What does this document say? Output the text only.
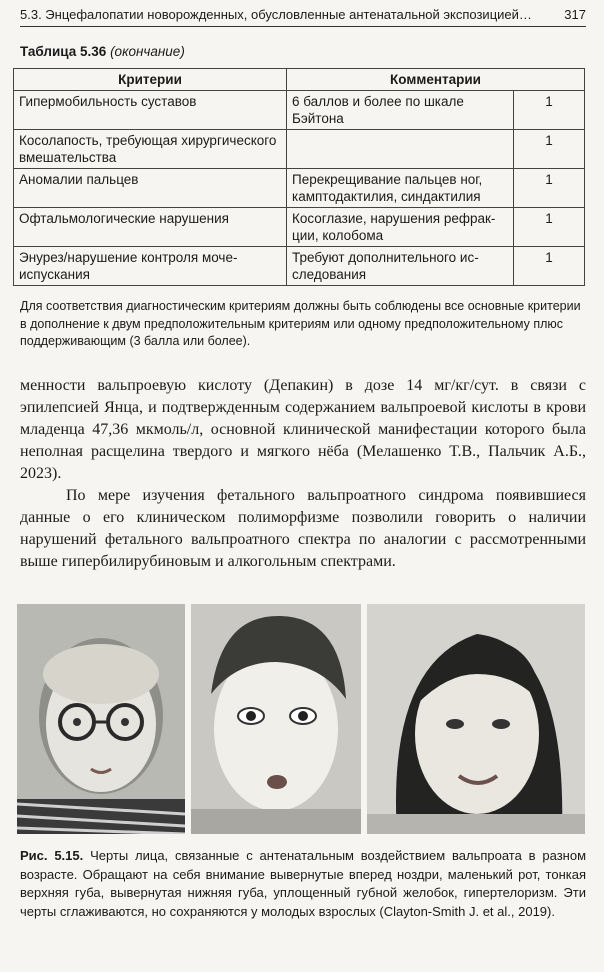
5.3. Энцефалопатии новорожденных, обусловленные антенатальной экспозицией… 317
Таблица 5.36 (окончание)
Критерии	Комментарии	
Гипермобильность суставов	6 баллов и более по шкале Бэйтона	1
Косолапость, требующая хирургического вмешательства		1
Аномалии пальцев	Перекрещивание пальцев ног, камптодактилия, синдактилия	1
Офтальмологические нарушения	Косоглазие, нарушения рефракции, колобома	1
Энурез/нарушение контроля мочеиспускания	Требуют дополнительного исследования	1
Для соответствия диагностическим критериям должны быть соблюдены все основные критерии в дополнение к двум предположительным критериям или одному предположительному плюс поддерживающим (3 балла или более).

менности вальпроевую кислоту (Депакин) в дозе 14 мг/кг/сут. в связи с эпилепсией Янца, и подтвержденным содержанием вальпроевой кислоты в крови младенца 47,36 мкмоль/л, основной клинической манифестации которого была неполная расщелина твердого и мягкого нёба (Мелашенко Т.В., Пальчик А.Б., 2023).

По мере изучения фетального вальпроатного синдрома появившиеся данные о его клиническом полиморфизме позволили говорить о наличии нарушений фетального вальпроатного спектра по аналогии с рассмотренными выше гипербилирубиновым и алкогольным спектрами.

Рис. 5.15. Черты лица, связанные с антенатальным воздействием вальпроата в разном возрасте. Обращают на себя внимание вывернутые вперед ноздри, маленький рот, тонкая верхняя губа, вывернутая нижняя губа, уплощенный губной желобок, гипертелоризм. Эти черты сглаживаются, но сохраняются у молодых взрослых (Clayton-Smith J. et al., 2019).
